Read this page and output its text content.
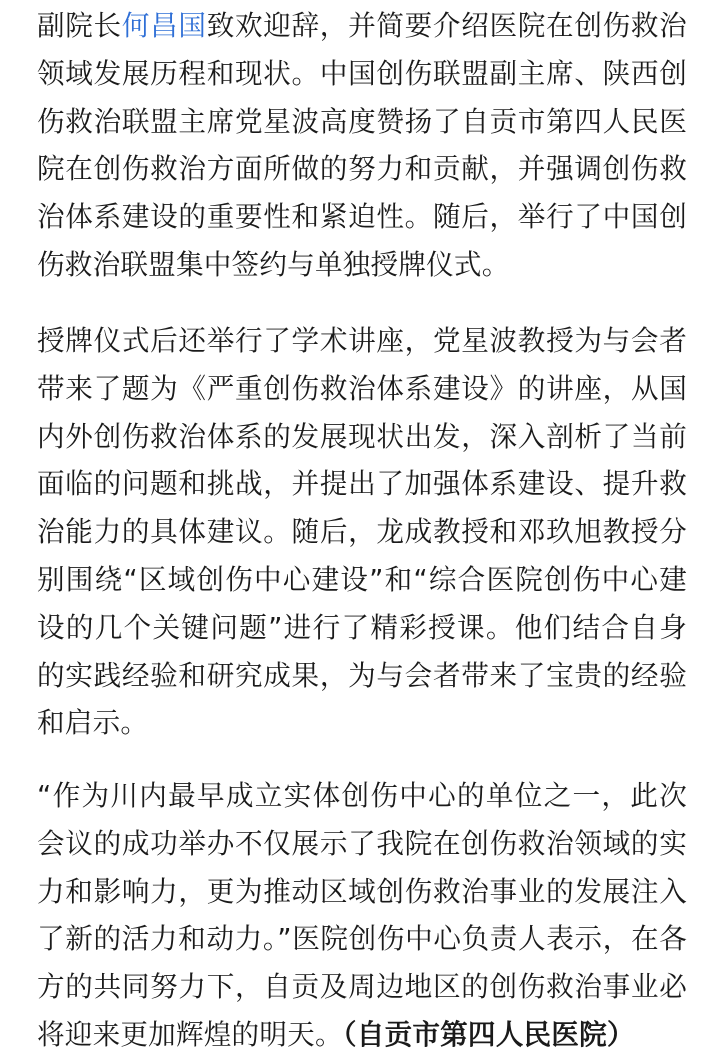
副院长何昌国致欢迎辞，并简要介绍医院在创伤救治领域发展历程和现状。中国创伤联盟副主席、陕西创伤救治联盟主席党星波高度赞扬了自贡市第四人民医院在创伤救治方面所做的努力和贡献，并强调创伤救治体系建设的重要性和紧迫性。随后，举行了中国创伤救治联盟集中签约与单独授牌仪式。

授牌仪式后还举行了学术讲座，党星波教授为与会者带来了题为《严重创伤救治体系建设》的讲座，从国内外创伤救治体系的发展现状出发，深入剖析了当前面临的问题和挑战，并提出了加强体系建设、提升救治能力的具体建议。随后，龙成教授和邓玖旭教授分别围绕“区域创伤中心建设”和“综合医院创伤中心建设的几个关键问题”进行了精彩授课。他们结合自身的实践经验和研究成果，为与会者带来了宝贵的经验和启示。

“作为川内最早成立实体创伤中心的单位之一，此次会议的成功举办不仅展示了我院在创伤救治领域的实力和影响力，更为推动区域创伤救治事业的发展注入了新的活力和动力。”医院创伤中心负责人表示，在各方的共同努力下，自贡及周边地区的创伤救治事业必将迎来更加辉煌的明天。（自贡市第四人民医院）
